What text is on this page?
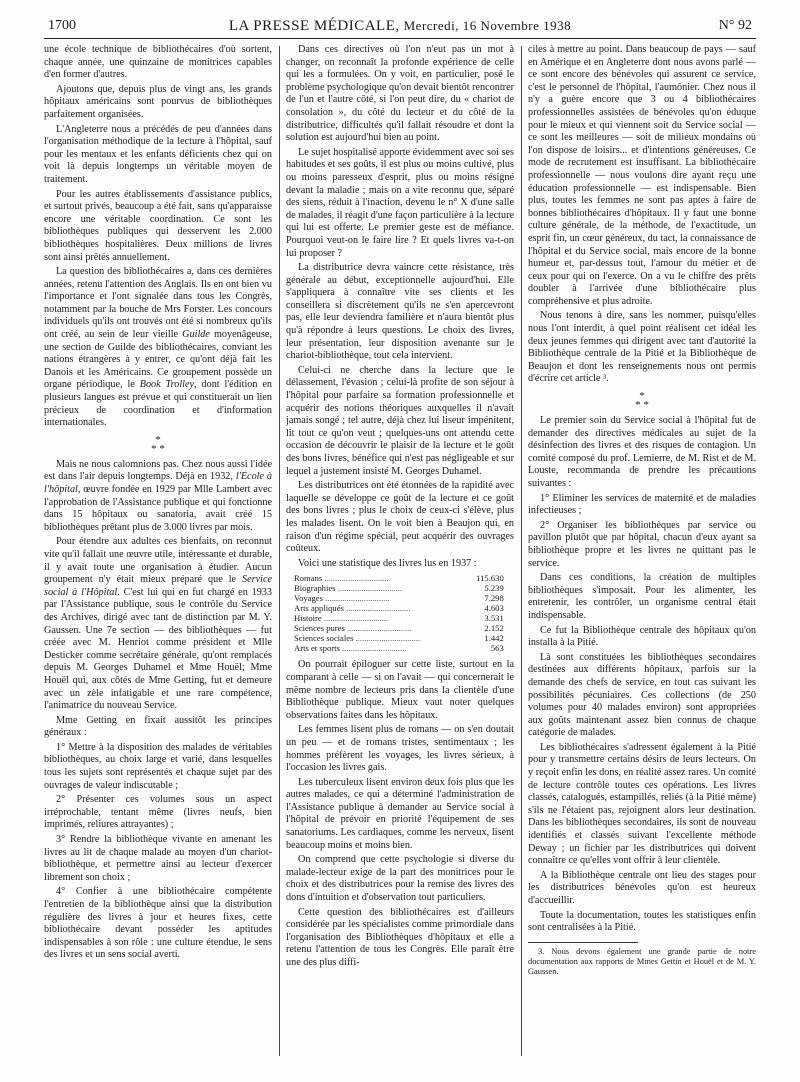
1700	LA PRESSE MÉDICALE, Mercredi, 16 Novembre 1938	N° 92

une école technique de bibliothécaires d'où sortent, chaque année, une quinzaine de monitrices capables d'en former d'autres.

Ajoutons que, depuis plus de vingt ans, les grands hôpitaux américains sont pourvus de bibliothèques parfaitement organisées.

L'Angleterre nous a précédés de peu d'années dans l'organisation méthodique de la lecture à l'hôpital, sauf pour les mentaux et les enfants déficients chez qui on voit là depuis longtemps un véritable moyen de traitement.

Pour les autres établissements d'assistance publics, et surtout privés, beaucoup a été fait, sans qu'apparaisse encore une véritable coordination. Ce sont les bibliothèques publiques qui desservent les 2.000 bibliothèques hospitalières. Deux millions de livres sont ainsi prêtés annuellement.

La question des bibliothécaires a, dans ces dernières années, retenu l'attention des Anglais. Ils en ont bien vu l'importance et l'ont signalée dans tous les Congrès, notamment par la bouche de Mrs Forster. Les concours individuels qu'ils ont trouvés ont été si nombreux qu'ils ont créé, au sein de leur vieille Guilde moyenâgeuse, une section de Guilde des bibliothécaires, conviant les nations étrangères à y entrer, ce qu'ont déjà fait les Danois et les Américains. Ce groupement possède un organe périodique, le Book Trolley, dont l'édition en plusieurs langues est prévue et qui constituerait un lien précieux de coordination et d'information internationales.

*
* *

Mais ne nous calomnions pas. Chez nous aussi l'idée est dans l'air depuis longtemps. Déjà en 1932, l'Ecole à l'hôpital, œuvre fondée en 1929 par Mlle Lambert avec l'approbation de l'Assistance publique et qui fonctionne dans 15 hôpitaux ou sanatoria, avait créé 15 bibliothèques prêtant plus de 3.000 livres par mois.

Pour étendre aux adultes ces bienfaits, on reconnut vite qu'il fallait une œuvre utile, intéressante et durable, il y avait toute une organisation à étudier. Aucun groupement n'y était mieux préparé que le Service social à l'Hôpital. C'est lui qui en fut chargé en 1933 par l'Assistance publique, sous le contrôle du Service des Archives, dirigé avec tant de distinction par M. Y. Gaussen. Une 7e section — des bibliothèques — fut créée avec M. Henriot comme président et Mlle Desticker comme secrétaire générale, qu'ont remplacés depuis M. Georges Duhamel et Mme Houël; Mme Houël qui, aux côtés de Mme Getting, fut et demeure avec un zèle infatigable et une rare compétence, l'animatrice du nouveau Service.

Mme Getting en fixait aussitôt les principes généraux :

1° Mettre à la disposition des malades de véritables bibliothèques, au choix large et varié, dans lesquelles tous les sujets sont représentés et chaque sujet par des ouvrages de valeur indiscutable ;

2° Présenter ces volumes sous un aspect irréprochable, tentant même (livres neufs, bien imprimés, reliures attrayantes) ;

3° Rendre la bibliothèque vivante en amenant les livres au lit de chaque malade au moyen d'un chariot-bibliothèque, et permettre ainsi au lecteur d'exercer librement son choix ;

4° Confier à une bibliothécaire compétente l'entretien de la bibliothèque ainsi que la distribution régulière des livres à jour et heures fixes, cette bibliothécaire devant posséder les aptitudes indispensables à son rôle : une culture étendue, le sens des livres et un sens social averti.

Dans ces directives où l'on n'eut pas un mot à changer, on reconnaît la profonde expérience de celle qui les a formulées. On y voit, en particulier, posé le problème psychologique qu'on devait bientôt rencontrer de l'un et l'autre côté, si l'on peut dire, du « chariot de consolation », du côté du lecteur et du côté de la distributrice, difficultés qu'il fallait résoudre et dont la solution est aujourd'hui bien au point.

Le sujet hospitalisé apporte évidemment avec soi ses habitudes et ses goûts, il est plus ou moins cultivé, plus ou moins paresseux d'esprit, plus ou moins résigné devant la maladie ; mais on a vite reconnu que, séparé des siens, réduit à l'inaction, devenu le n° X d'une salle de malades, il réagit d'une façon particulière à la lecture qui lui est offerte. Le premier geste est de méfiance. Pourquoi veut-on le faire lire ? Et quels livres va-t-on lui proposer ?

La distributrice devra vaincre cette résistance, très générale au début, exceptionnelle aujourd'hui. Elle s'appliquera à connaître vite ses clients et les conseillera si discrètement qu'ils ne s'en apercevront pas, elle leur deviendra familière et n'aura bientôt plus qu'à répondre à leurs questions. Le choix des livres, leur présentation, leur disposition avenante sur le chariot-bibliothèque, tout cela intervient.

Celui-ci ne cherche dans la lecture que le délassement, l'évasion ; celui-là profite de son séjour à l'hôpital pour parfaire sa formation professionnelle et acquérir des notions théoriques auxquelles il n'avait jamais songé ; tel autre, déjà chez lui liseur impénitent, lit tout ce qu'on veut ; quelques-uns ont attendu cette occasion de découvrir le plaisir de la lecture et le goût des bons livres, bénéfice qui n'est pas négligeable et sur lequel a justement insisté M. Georges Duhamel.

Les distributrices ont été étonnées de la rapidité avec laquelle se développe ce goût de la lecture et ce goût des bons livres ; plus le choix de ceux-ci s'élève, plus les malades lisent. On le voit bien à Beaujon qui, en raison d'un régime spécial, peut acquérir des ouvrages coûteux.

Voici une statistique des livres lus en 1937 :

Romans ..............................	115.630
Biographies ..............................	5.239
Voyages ..............................	7.298
Arts appliqués ..............................	4.603
Histoire ..............................	3.531
Sciences pures ..............................	2.152
Sciences sociales ..............................	1.442
Arts et sports ..............................	563

On pourrait épiloguer sur cette liste, surtout en la comparant à celle — si on l'avait — qui concernerait le même nombre de lecteurs pris dans la clientèle d'une Bibliothèque publique. Mieux vaut noter quelques observations faites dans les hôpitaux.

Les femmes lisent plus de romans — on s'en doutait un peu — et de romans tristes, sentimentaux ; les hommes préfèrent les voyages, les livres sérieux, à l'occasion les livres gais.

Les tuberculeux lisent environ deux fois plus que les autres malades, ce qui a déterminé l'administration de l'Assistance publique à demander au Service social à l'hôpital de prévoir en priorité l'équipement de ses sanatoriums. Les cardiaques, comme les nerveux, lisent beaucoup moins et moins bien.

On comprend que cette psychologie si diverse du malade-lecteur exige de la part des monitrices pour le choix et des distributrices pour la remise des livres des dons d'intuition et d'observation tout particuliers.

Cette question des bibliothécaires est d'ailleurs considérée par les spécialistes comme primordiale dans l'organisation des Bibliothèques d'hôpitaux et elle a retenu l'attention de tous les Congrès. Elle paraît être une des plus diffi-

ciles à mettre au point. Dans beaucoup de pays — sauf en Amérique et en Angleterre dont nous avons parlé — ce sont encore des bénévoles qui assurent ce service, c'est le personnel de l'hôpital, l'aumônier. Chez nous il n'y a guère encore que 3 ou 4 bibliothécaires professionnelles assistées de bénévoles qu'on éduque pour le mieux et qui viennent soit du Service social — ce sont les meilleures — soit de milieux mondains où l'on dispose de loisirs... et d'intentions généreuses. Ce mode de recrutement est insuffisant. La bibliothécaire professionnelle — nous voulons dire ayant reçu une éducation professionnelle — est indispensable. Bien plus, toutes les femmes ne sont pas aptes à faire de bonnes bibliothécaires d'hôpitaux. Il y faut une bonne culture générale, de la méthode, de l'exactitude, un esprit fin, un cœur généreux, du tact, la connaissance de l'hôpital et du Service social, mais encore de la bonne humeur et, par-dessus tout, l'amour du métier et de ceux pour qui on l'exerce. On a vu le chiffre des prêts doubler à l'arrivée d'une bibliothécaire plus compréhensive et plus adroite.

Nous tenons à dire, sans les nommer, puisqu'elles nous l'ont interdit, à quel point réalisent cet idéal les deux jeunes femmes qui dirigent avec tant d'autorité la Bibliothèque centrale de la Pitié et la Bibliothèque de Beaujon et dont les renseignements nous ont permis d'écrire cet article ³.

*
* *

Le premier soin du Service social à l'hôpital fut de demander des directives médicales au sujet de la désinfection des livres et des risques de contagion. Un comité composé du prof. Lemierre, de M. Rist et de M. Louste, recommanda de prendre les précautions suivantes :

1° Eliminer les services de maternité et de maladies infectieuses ;

2° Organiser les bibliothèques par service ou pavillon plutôt que par hôpital, chacun d'eux ayant sa bibliothèque propre et les livres ne quittant pas le service.

Dans ces conditions, la création de multiples bibliothèques s'imposait. Pour les alimenter, les entretenir, les contrôler, un organisme central était indispensable.

Ce fut la Bibliothèque centrale des hôpitaux qu'on installa à la Pitié.

Là sont constituées les bibliothèques secondaires destinées aux différents hôpitaux, parfois sur la demande des chefs de service, en tout cas suivant les possibilités pécuniaires. Ces collections (de 250 volumes pour 40 malades environ) sont appropriées aux goûts maintenant assez bien connus de chaque catégorie de malades.

Les bibliothécaires s'adressent également à la Pitié pour y transmettre certains désirs de leurs lecteurs. On y reçoit enfin les dons, en réalité assez rares. Un comité de lecture contrôle toutes ces opérations. Les livres classés, catalogués, estampillés, reliés (à la Pitié même) s'ils ne l'étaient pas, rejoignent alors leur destination. Dans les bibliothèques secondaires, ils sont de nouveau identifiés et classés suivant l'excellente méthode Deway ; un fichier par les distributrices qui doivent connaître ce qu'elles vont offrir à leur clientèle.

A la Bibliothèque centrale ont lieu des stages pour les distributrices bénévoles qu'on est heureux d'accueillir.

Toute la documentation, toutes les statistiques enfin sont centralisées à la Pitié.

3. Nous devons également une grande partie de notre documentation aux rapports de Mmes Gettin et Houël et de M. Y. Gaussen.
